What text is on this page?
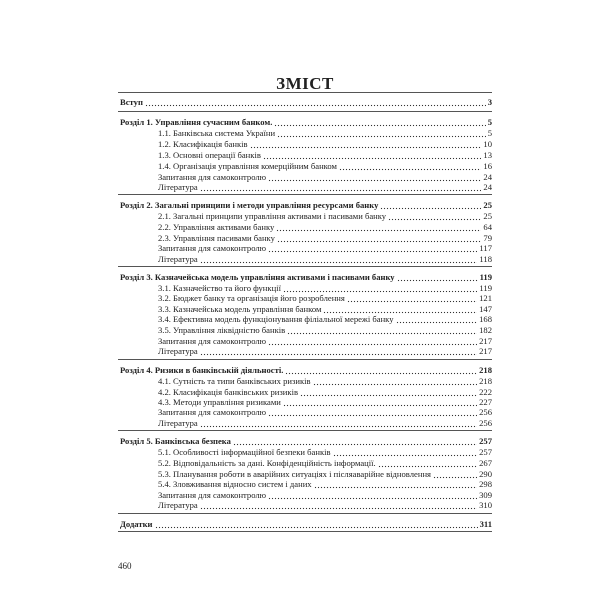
ЗМІСТ
Вступ	3
Розділ 1. Управління сучасним банком.	5
1.1. Банківська система України	5
1.2. Класифікація банків	10
1.3. Основні операції банків	13
1.4. Організація управління комерційним банком	16
Запитання для самоконтролю	24
Література	24
Розділ 2. Загальні принципи і методи управління ресурсами банку	25
2.1. Загальні принципи управління активами і пасивами банку	25
2.2. Управління активами банку	64
2.3. Управління пасивами банку	79
Запитання для самоконтролю	117
Література	118
Розділ 3. Казначейська модель управління активами і пасивами банку	119
3.1. Казначейство та його функції	119
3.2. Бюджет банку та організація його розроблення	121
3.3. Казначейська модель управління банком	147
3.4. Ефективна модель функціонування філіальної мережі банку	168
3.5. Управління ліквідністю банків	182
Запитання для самоконтролю	217
Література	217
Розділ 4. Ризики в банківській діяльності.	218
4.1. Сутність та типи банківських ризиків	218
4.2. Класифікація банківських ризиків	222
4.3. Методи управління ризиками	227
Запитання для самоконтролю	256
Література	256
Розділ 5. Банківська безпека	257
5.1. Особливості інформаційної безпеки банків	257
5.2. Відповідальність за дані. Конфіденційність інформації.	267
5.3. Планування роботи в аварійних ситуаціях і післяаварійне відновлення	290
5.4. Зловживання відносно систем і даних	298
Запитання для самоконтролю	309
Література	310
Додатки	311
460
